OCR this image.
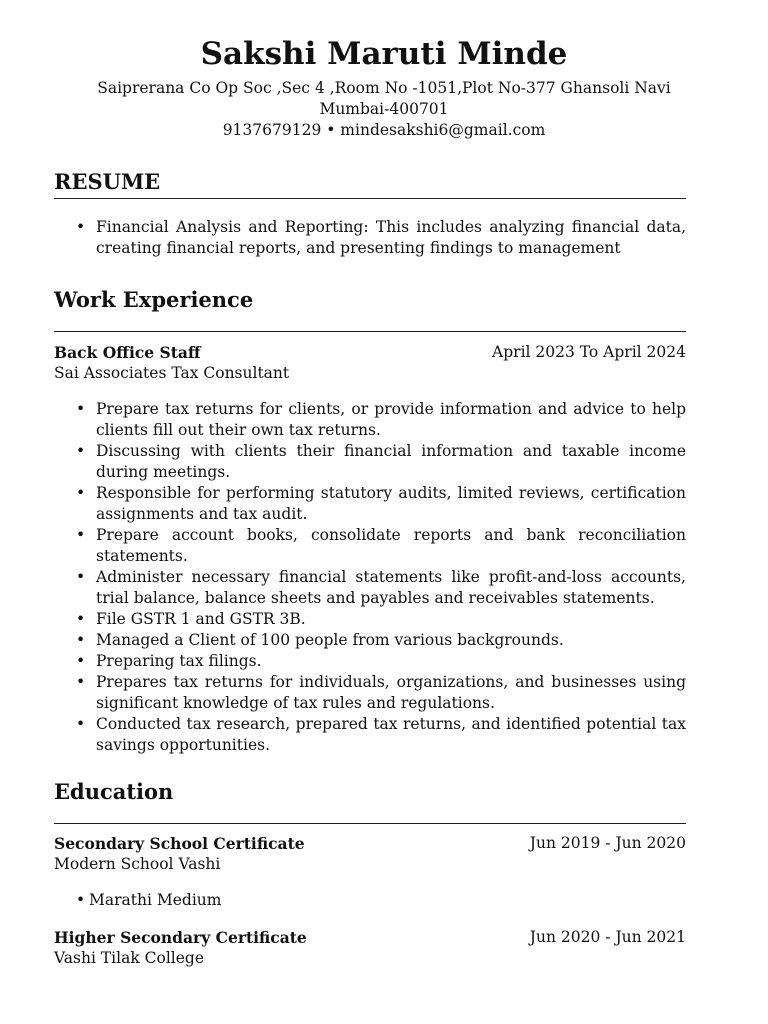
Sakshi Maruti Minde
Saiprerana Co Op Soc ,Sec 4 ,Room No -1051,Plot No-377 Ghansoli Navi
Mumbai-400701
9137679129 • mindesakshi6@gmail.com
RESUME
• Financial Analysis and Reporting: This includes analyzing financial data, creating financial reports, and presenting findings to management
Work Experience
Back Office Staff	April 2023 To April 2024
Sai Associates Tax Consultant
• Prepare tax returns for clients, or provide information and advice to help clients fill out their own tax returns.
• Discussing with clients their financial information and taxable income during meetings.
• Responsible for performing statutory audits, limited reviews, certification assignments and tax audit.
• Prepare account books, consolidate reports and bank reconciliation statements.
• Administer necessary financial statements like profit-and-loss accounts, trial balance, balance sheets and payables and receivables statements.
• File GSTR 1 and GSTR 3B.
• Managed a Client of 100 people from various backgrounds.
• Preparing tax filings.
• Prepares tax returns for individuals, organizations, and businesses using significant knowledge of tax rules and regulations.
• Conducted tax research, prepared tax returns, and identified potential tax savings opportunities.
Education
Secondary School Certificate	Jun 2019 - Jun 2020
Modern School Vashi
• Marathi Medium
Higher Secondary Certificate	Jun 2020 - Jun 2021
Vashi Tilak College
